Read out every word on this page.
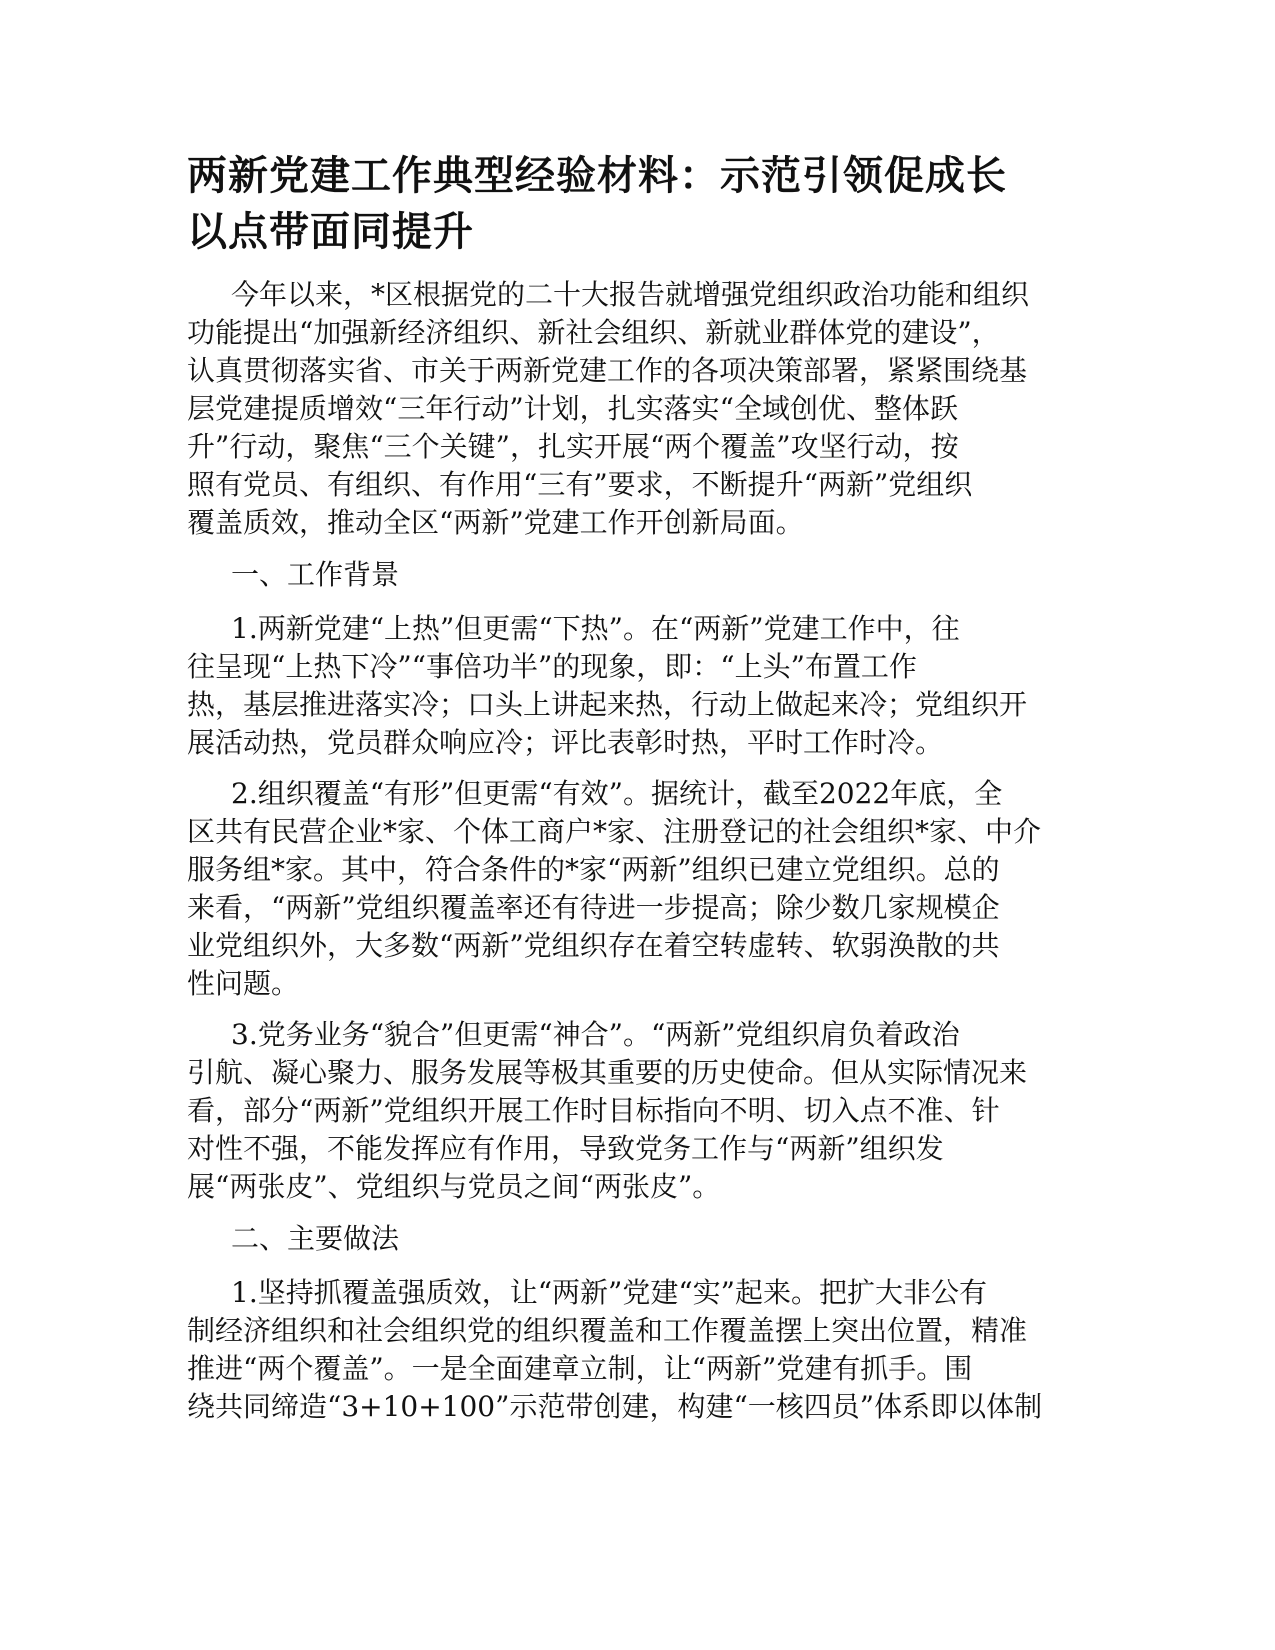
两新党建工作典型经验材料：示范引领促成长
以点带面同提升

今年以来，*区根据党的二十大报告就增强党组织政治功能和组织
功能提出“加强新经济组织、新社会组织、新就业群体党的建设”，
认真贯彻落实省、市关于两新党建工作的各项决策部署，紧紧围绕基
层党建提质增效“三年行动”计划，扎实落实“全域创优、整体跃
升”行动，聚焦“三个关键”，扎实开展“两个覆盖”攻坚行动，按
照有党员、有组织、有作用“三有”要求，不断提升“两新”党组织
覆盖质效，推动全区“两新”党建工作开创新局面。

一、工作背景

1.两新党建“上热”但更需“下热”。在“两新”党建工作中，往
往呈现“上热下冷”“事倍功半”的现象，即：“上头”布置工作
热，基层推进落实冷；口头上讲起来热，行动上做起来冷；党组织开
展活动热，党员群众响应冷；评比表彰时热，平时工作时冷。

2.组织覆盖“有形”但更需“有效”。据统计，截至2022年底，全
区共有民营企业*家、个体工商户*家、注册登记的社会组织*家、中介
服务组*家。其中，符合条件的*家“两新”组织已建立党组织。总的
来看，“两新”党组织覆盖率还有待进一步提高；除少数几家规模企
业党组织外，大多数“两新”党组织存在着空转虚转、软弱涣散的共
性问题。

3.党务业务“貌合”但更需“神合”。“两新”党组织肩负着政治
引航、凝心聚力、服务发展等极其重要的历史使命。但从实际情况来
看，部分“两新”党组织开展工作时目标指向不明、切入点不准、针
对性不强，不能发挥应有作用，导致党务工作与“两新”组织发
展“两张皮”、党组织与党员之间“两张皮”。

二、主要做法

1.坚持抓覆盖强质效，让“两新”党建“实”起来。把扩大非公有
制经济组织和社会组织党的组织覆盖和工作覆盖摆上突出位置，精准
推进“两个覆盖”。一是全面建章立制，让“两新”党建有抓手。围
绕共同缔造“3+10+100”示范带创建，构建“一核四员”体系即以体制
